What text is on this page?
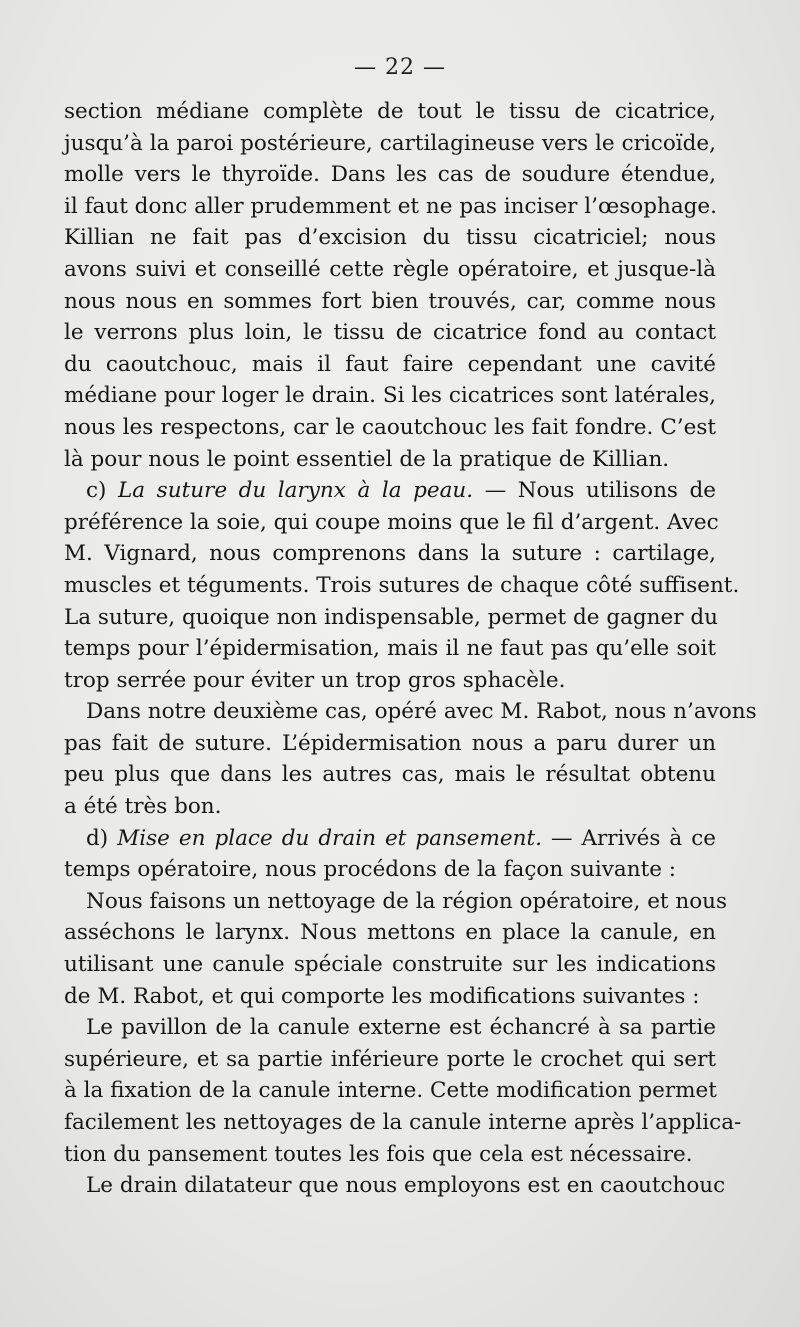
— 22 —
section médiane complète de tout le tissu de cicatrice,
jusqu’à la paroi postérieure, cartilagineuse vers le cricoïde,
molle vers le thyroïde. Dans les cas de soudure étendue,
il faut donc aller prudemment et ne pas inciser l’œsophage.
Killian ne fait pas d’excision du tissu cicatriciel; nous
avons suivi et conseillé cette règle opératoire, et jusque-là
nous nous en sommes fort bien trouvés, car, comme nous
le verrons plus loin, le tissu de cicatrice fond au contact
du caoutchouc, mais il faut faire cependant une cavité
médiane pour loger le drain. Si les cicatrices sont latérales,
nous les respectons, car le caoutchouc les fait fondre. C’est
là pour nous le point essentiel de la pratique de Killian.
c) La suture du larynx à la peau. — Nous utilisons de
préférence la soie, qui coupe moins que le fil d’argent. Avec
M. Vignard, nous comprenons dans la suture : cartilage,
muscles et téguments. Trois sutures de chaque côté suffisent.
La suture, quoique non indispensable, permet de gagner du
temps pour l’épidermisation, mais il ne faut pas qu’elle soit
trop serrée pour éviter un trop gros sphacèle.
Dans notre deuxième cas, opéré avec M. Rabot, nous n’avons
pas fait de suture. L’épidermisation nous a paru durer un
peu plus que dans les autres cas, mais le résultat obtenu
a été très bon.
d) Mise en place du drain et pansement. — Arrivés à ce
temps opératoire, nous procédons de la façon suivante :
Nous faisons un nettoyage de la région opératoire, et nous
asséchons le larynx. Nous mettons en place la canule, en
utilisant une canule spéciale construite sur les indications
de M. Rabot, et qui comporte les modifications suivantes :
Le pavillon de la canule externe est échancré à sa partie
supérieure, et sa partie inférieure porte le crochet qui sert
à la fixation de la canule interne. Cette modification permet
facilement les nettoyages de la canule interne après l’applica-
tion du pansement toutes les fois que cela est nécessaire.
Le drain dilatateur que nous employons est en caoutchouc
